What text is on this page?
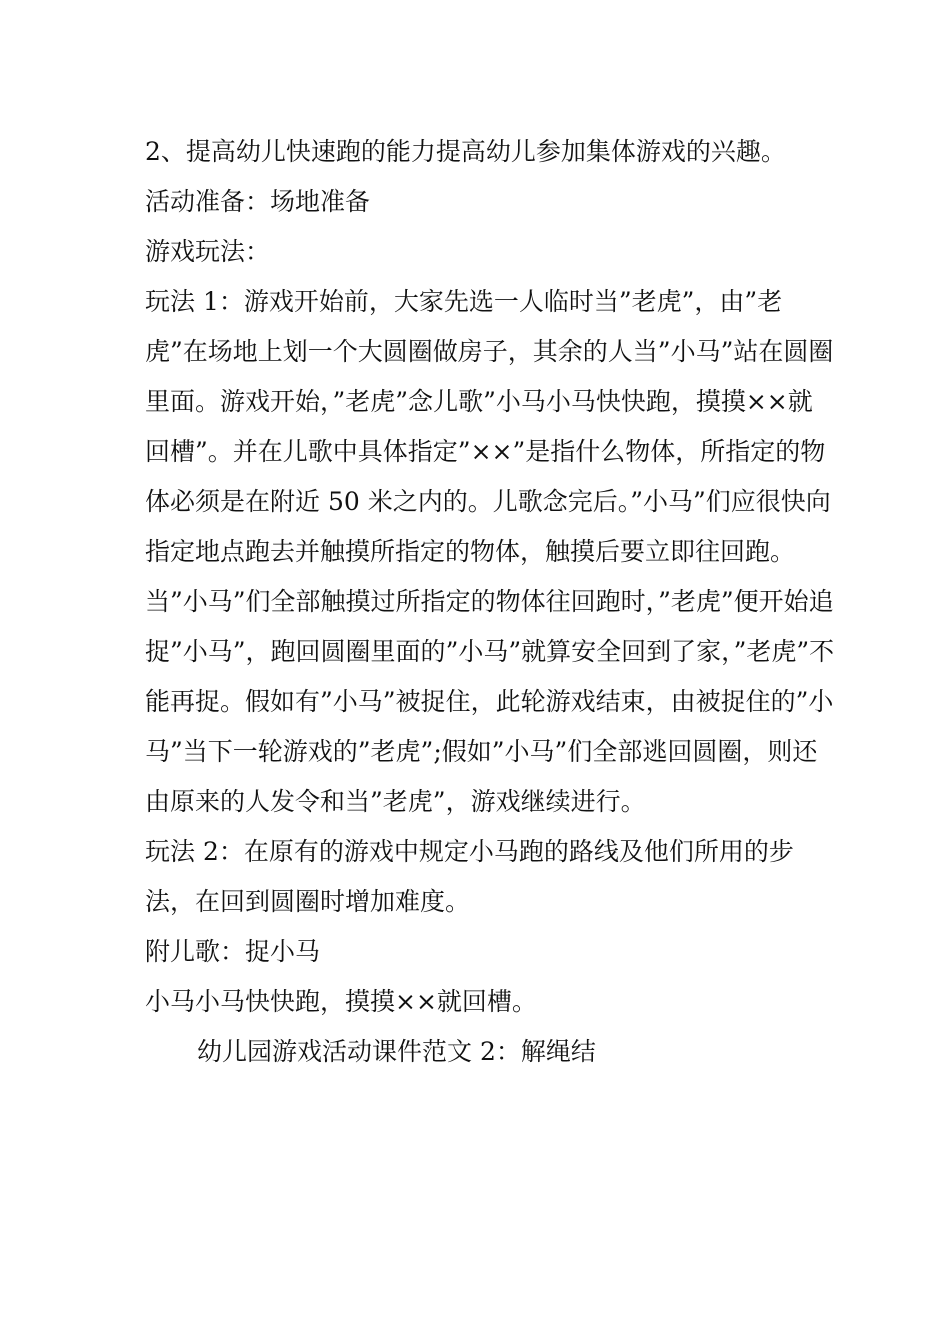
2、提高幼儿快速跑的能力提高幼儿参加集体游戏的兴趣。

活动准备：场地准备

游戏玩法：

玩法 1：游戏开始前，大家先选一人临时当”老虎”，由”老虎”在场地上划一个大圆圈做房子，其余的人当”小马”站在圆圈里面。游戏开始，”老虎”念儿歌”小马小马快快跑，摸摸××就回槽”。并在儿歌中具体指定”××”是指什么物体，所指定的物体必须是在附近 50 米之内的。儿歌念完后。”小马”们应很快向指定地点跑去并触摸所指定的物体，触摸后要立即往回跑。当”小马”们全部触摸过所指定的物体往回跑时，”老虎”便开始追捉”小马”，跑回圆圈里面的”小马”就算安全回到了家，”老虎”不能再捉。假如有”小马”被捉住，此轮游戏结束，由被捉住的”小马”当下一轮游戏的”老虎”;假如”小马”们全部逃回圆圈，则还由原来的人发令和当”老虎”，游戏继续进行。

玩法 2：在原有的游戏中规定小马跑的路线及他们所用的步法，在回到圆圈时增加难度。

附儿歌：捉小马

小马小马快快跑，摸摸××就回槽。

幼儿园游戏活动课件范文 2：解绳结
